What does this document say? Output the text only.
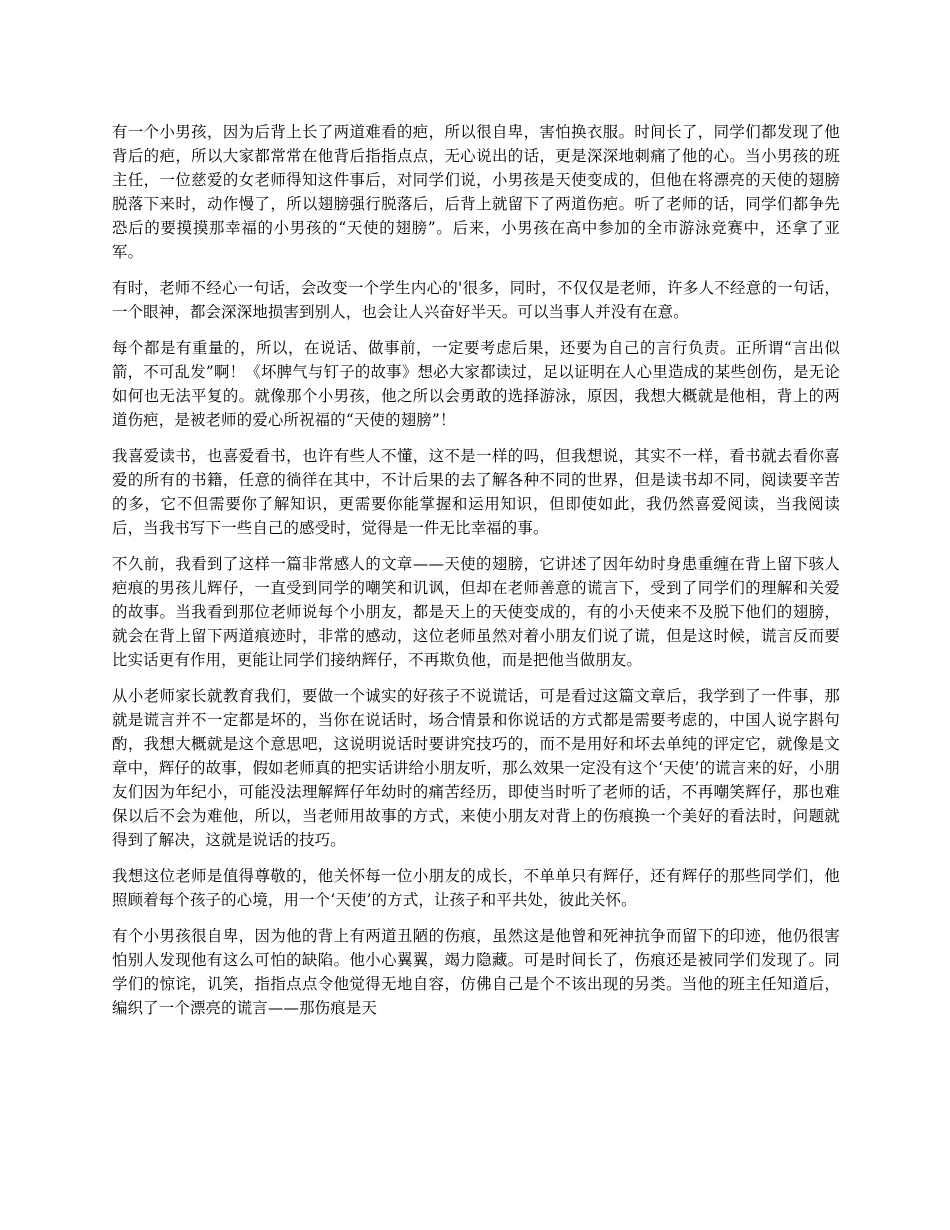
有一个小男孩，因为后背上长了两道难看的疤，所以很自卑，害怕换衣服。时间长了，同学们都发现了他背后的疤，所以大家都常常在他背后指指点点，无心说出的话，更是深深地刺痛了他的心。当小男孩的班主任，一位慈爱的女老师得知这件事后，对同学们说，小男孩是天使变成的，但他在将漂亮的天使的翅膀脱落下来时，动作慢了，所以翅膀强行脱落后，后背上就留下了两道伤疤。听了老师的话，同学们都争先恐后的要摸摸那幸福的小男孩的“天使的翅膀”。后来，小男孩在高中参加的全市游泳竞赛中，还拿了亚军。

有时，老师不经心一句话，会改变一个学生内心的'很多，同时，不仅仅是老师，许多人不经意的一句话，一个眼神，都会深深地损害到别人，也会让人兴奋好半天。可以当事人并没有在意。

每个都是有重量的，所以，在说话、做事前，一定要考虑后果，还要为自己的言行负责。正所谓“言出似箭，不可乱发”啊！《坏脾气与钉子的故事》想必大家都读过，足以证明在人心里造成的某些创伤，是无论如何也无法平复的。就像那个小男孩，他之所以会勇敢的选择游泳，原因，我想大概就是他相，背上的两道伤疤，是被老师的爱心所祝福的“天使的翅膀”！

我喜爱读书，也喜爱看书，也许有些人不懂，这不是一样的吗，但我想说，其实不一样，看书就去看你喜爱的所有的书籍，任意的徜徉在其中，不计后果的去了解各种不同的世界，但是读书却不同，阅读要辛苦的多，它不但需要你了解知识，更需要你能掌握和运用知识，但即使如此，我仍然喜爱阅读，当我阅读后，当我书写下一些自己的感受时，觉得是一件无比幸福的事。

不久前，我看到了这样一篇非常感人的文章——天使的翅膀，它讲述了因年幼时身患重缠在背上留下骇人疤痕的男孩儿辉仔，一直受到同学的嘲笑和讥讽，但却在老师善意的谎言下，受到了同学们的理解和关爱的故事。当我看到那位老师说每个小朋友，都是天上的天使变成的，有的小天使来不及脱下他们的翅膀，就会在背上留下两道痕迹时，非常的感动，这位老师虽然对着小朋友们说了谎，但是这时候，谎言反而要比实话更有作用，更能让同学们接纳辉仔，不再欺负他，而是把他当做朋友。

从小老师家长就教育我们，要做一个诚实的好孩子不说谎话，可是看过这篇文章后，我学到了一件事，那就是谎言并不一定都是坏的，当你在说话时，场合情景和你说话的方式都是需要考虑的，中国人说字斟句酌，我想大概就是这个意思吧，这说明说话时要讲究技巧的，而不是用好和坏去单纯的评定它，就像是文章中，辉仔的故事，假如老师真的把实话讲给小朋友听，那么效果一定没有这个‘天使’的谎言来的好，小朋友们因为年纪小，可能没法理解辉仔年幼时的痛苦经历，即使当时听了老师的话，不再嘲笑辉仔，那也难保以后不会为难他，所以，当老师用故事的方式，来使小朋友对背上的伤痕换一个美好的看法时，问题就得到了解决，这就是说话的技巧。

我想这位老师是值得尊敬的，他关怀每一位小朋友的成长，不单单只有辉仔，还有辉仔的那些同学们，他照顾着每个孩子的心境，用一个‘天使’的方式，让孩子和平共处，彼此关怀。

有个小男孩很自卑，因为他的背上有两道丑陋的伤痕，虽然这是他曾和死神抗争而留下的印迹，他仍很害怕别人发现他有这么可怕的缺陷。他小心翼翼，竭力隐藏。可是时间长了，伤痕还是被同学们发现了。同学们的惊诧，讥笑，指指点点令他觉得无地自容，仿佛自己是个不该出现的另类。当他的班主任知道后，编织了一个漂亮的谎言——那伤痕是天
